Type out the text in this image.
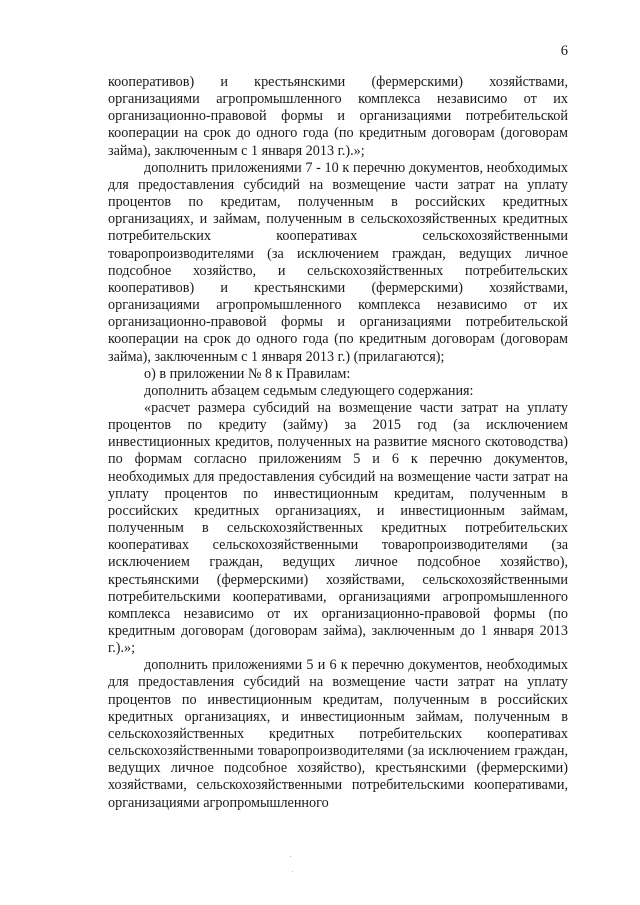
6

кооперативов) и крестьянскими (фермерскими) хозяйствами, организациями агропромышленного комплекса независимо от их организационно-правовой формы и организациями потребительской кооперации на срок до одного года (по кредитным договорам (договорам займа), заключенным с 1 января 2013 г.).»;

дополнить приложениями 7 - 10 к перечню документов, необходимых для предоставления субсидий на возмещение части затрат на уплату процентов по кредитам, полученным в российских кредитных организациях, и займам, полученным в сельскохозяйственных кредитных потребительских кооперативах сельскохозяйственными товаропроизводителями (за исключением граждан, ведущих личное подсобное хозяйство, и сельскохозяйственных потребительских кооперативов) и крестьянскими (фермерскими) хозяйствами, организациями агропромышленного комплекса независимо от их организационно-правовой формы и организациями потребительской кооперации на срок до одного года (по кредитным договорам (договорам займа), заключенным с 1 января 2013 г.) (прилагаются);

о) в приложении № 8 к Правилам:

дополнить абзацем седьмым следующего содержания:

«расчет размера субсидий на возмещение части затрат на уплату процентов по кредиту (займу) за 2015 год (за исключением инвестиционных кредитов, полученных на развитие мясного скотоводства) по формам согласно приложениям 5 и 6 к перечню документов, необходимых для предоставления субсидий на возмещение части затрат на уплату процентов по инвестиционным кредитам, полученным в российских кредитных организациях, и инвестиционным займам, полученным в сельскохозяйственных кредитных потребительских кооперативах сельскохозяйственными товаропроизводителями (за исключением граждан, ведущих личное подсобное хозяйство), крестьянскими (фермерскими) хозяйствами, сельскохозяйственными потребительскими кооперативами, организациями агропромышленного комплекса независимо от их организационно-правовой формы (по кредитным договорам (договорам займа), заключенным до 1 января 2013 г.).»;

дополнить приложениями 5 и 6 к перечню документов, необходимых для предоставления субсидий на возмещение части затрат на уплату процентов по инвестиционным кредитам, полученным в российских кредитных организациях, и инвестиционным займам, полученным в сельскохозяйственных кредитных потребительских кооперативах сельскохозяйственными товаропроизводителями (за исключением граждан, ведущих личное подсобное хозяйство), крестьянскими (фермерскими) хозяйствами, сельскохозяйственными потребительскими кооперативами, организациями агропромышленного
